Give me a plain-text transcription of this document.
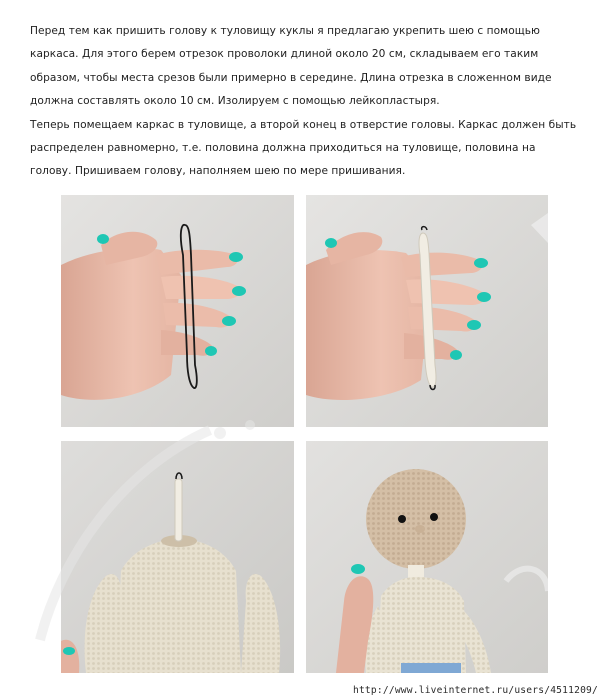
Перед тем как пришить голову к туловищу куклы я предлагаю укрепить шею с помощью каркаса. Для этого берем отрезок проволоки длиной около 20 см, складываем его таким образом, чтобы места срезов были примерно в середине. Длина отрезка в сложенном виде должна составлять около 10 см. Изолируем с помощью лейкопластыря.

Теперь помещаем каркас в туловище, а второй конец в отверстие головы. Каркас должен быть распределен равномерно, т.е. половина должна приходиться на туловище, половина на голову. Пришиваем голову, наполняем шею по мере пришивания.

http://www.liveinternet.ru/users/4511209/
